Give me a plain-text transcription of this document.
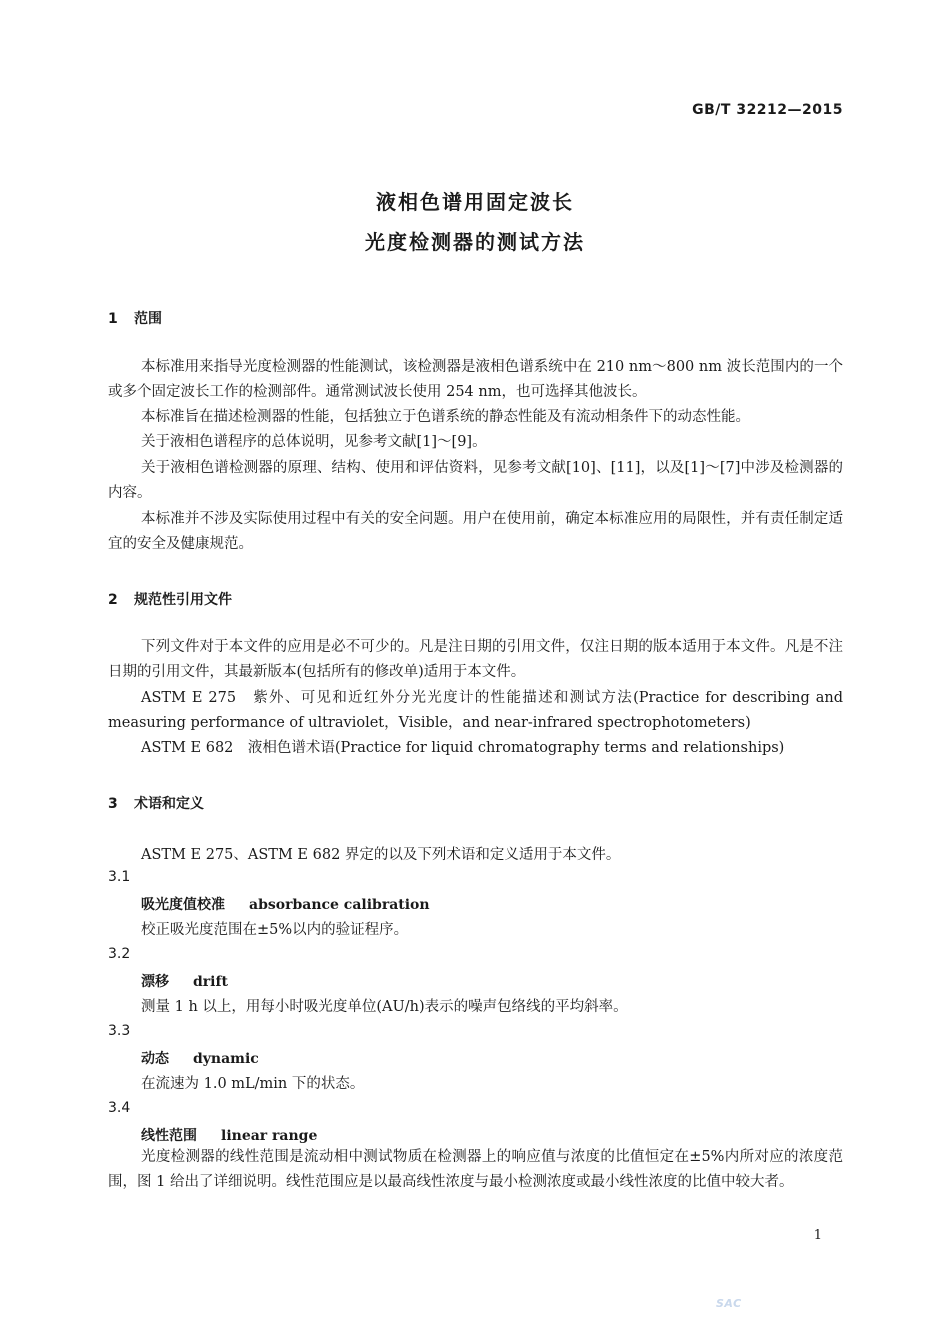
GB/T 32212—2015
液相色谱用固定波长
光度检测器的测试方法
1 范围
本标准用来指导光度检测器的性能测试，该检测器是液相色谱系统中在 210 nm～800 nm 波长范围内的一个或多个固定波长工作的检测部件。通常测试波长使用 254 nm，也可选择其他波长。
本标准旨在描述检测器的性能，包括独立于色谱系统的静态性能及有流动相条件下的动态性能。
关于液相色谱程序的总体说明，见参考文献[1]～[9]。
关于液相色谱检测器的原理、结构、使用和评估资料，见参考文献[10]、[11]，以及[1]～[7]中涉及检测器的内容。
本标准并不涉及实际使用过程中有关的安全问题。用户在使用前，确定本标准应用的局限性，并有责任制定适宜的安全及健康规范。
2 规范性引用文件
下列文件对于本文件的应用是必不可少的。凡是注日期的引用文件，仅注日期的版本适用于本文件。凡是不注日期的引用文件，其最新版本(包括所有的修改单)适用于本文件。
ASTM E 275　紫外、可见和近红外分光光度计的性能描述和测试方法(Practice for describing and measuring performance of ultraviolet，Visible，and near-infrared spectrophotometers)
ASTM E 682　液相色谱术语(Practice for liquid chromatography terms and relationships)
3 术语和定义
ASTM E 275、ASTM E 682 界定的以及下列术语和定义适用于本文件。
3.1
吸光度值校准 absorbance calibration
校正吸光度范围在±5%以内的验证程序。
3.2
漂移 drift
测量 1 h 以上，用每小时吸光度单位(AU/h)表示的噪声包络线的平均斜率。
3.3
动态 dynamic
在流速为 1.0 mL/min 下的状态。
3.4
线性范围 linear range
光度检测器的线性范围是流动相中测试物质在检测器上的响应值与浓度的比值恒定在±5%内所对应的浓度范围，图 1 给出了详细说明。线性范围应是以最高线性浓度与最小检测浓度或最小线性浓度的比值中较大者。
1
SAC
